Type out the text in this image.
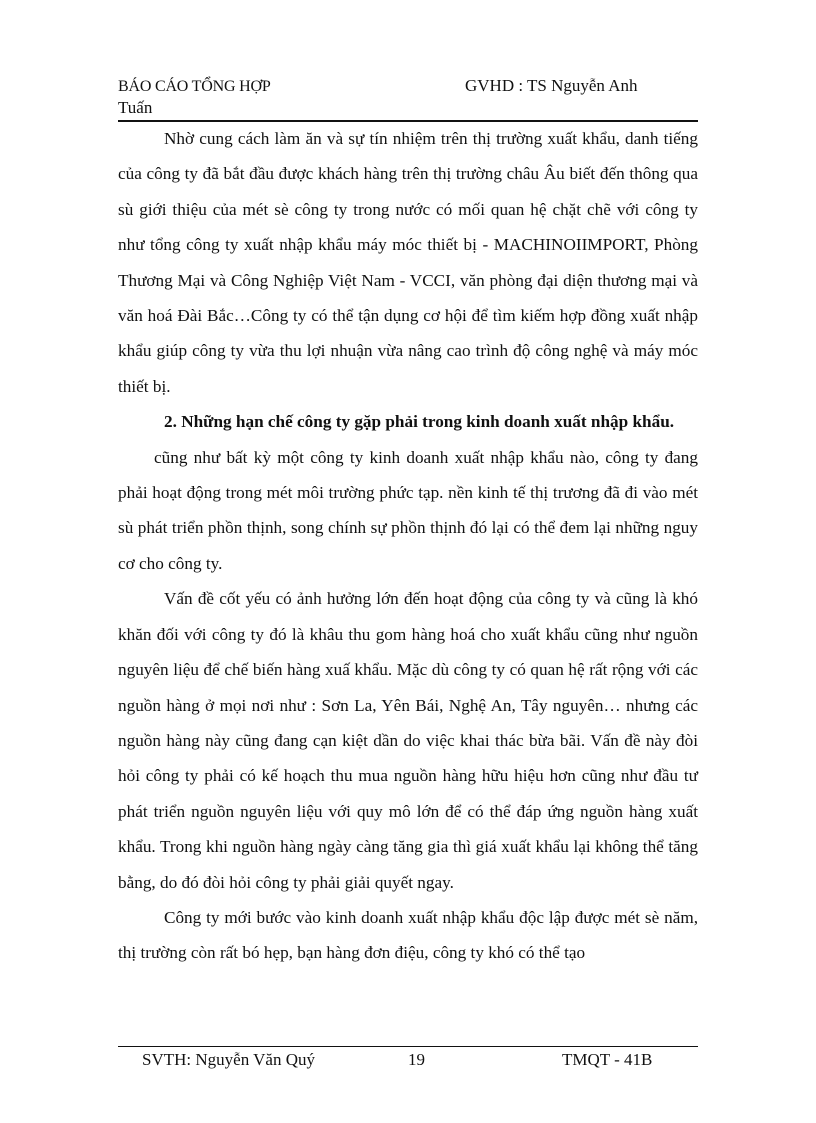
BÁO CÁO TỔNG HỢP	GVHD : TS Nguyễn Anh
Tuấn

Nhờ cung cách làm ăn và sự tín nhiệm trên thị trường xuất khẩu, danh tiếng của công ty đã bắt đầu được khách hàng trên thị trường châu Âu biết đến thông qua sù giới thiệu của mét sè công ty trong nước có mối quan hệ chặt chẽ với công ty như tổng công ty xuất nhập khẩu máy móc thiết bị - MACHINOIIMPORT, Phòng Thương Mại và Công Nghiệp Việt Nam - VCCI, văn phòng đại diện thương mại và văn hoá Đài Bắc…Công ty có thể tận dụng cơ hội để tìm kiếm hợp đồng xuất nhập khẩu giúp công ty vừa thu lợi nhuận vừa nâng cao trình độ công nghệ và máy móc thiết bị.

2. Những hạn chế công ty gặp phải trong kinh doanh xuất nhập khẩu.

cũng như bất kỳ một công ty kinh doanh xuất nhập khẩu nào, công ty đang phải hoạt động trong mét môi trường phức tạp. nền kinh tế thị trương đã đi vào mét sù phát triển phồn thịnh, song chính sự phồn thịnh đó lại có thể đem lại những nguy cơ cho công ty.

Vấn đề cốt yếu có ảnh hưởng lớn đến hoạt động của công ty và cũng là khó khăn đối với công ty đó là khâu thu gom hàng hoá cho xuất khẩu cũng như nguồn nguyên liệu để chế biến hàng xuấ khẩu. Mặc dù công ty có quan hệ rất rộng với các nguồn hàng ở mọi nơi như : Sơn La, Yên Bái, Nghệ An, Tây nguyên… nhưng các nguồn hàng này cũng đang cạn kiệt dần do việc khai thác bừa bãi. Vấn đề này đòi hỏi công ty phải có kế hoạch thu mua nguồn hàng hữu hiệu hơn cũng như đầu tư phát triển nguồn nguyên liệu với quy mô lớn để có thể đáp ứng nguồn hàng xuất khẩu. Trong khi nguồn hàng ngày càng tăng gia thì giá xuất khẩu lại không thể tăng bằng, do đó đòi hỏi công ty phải giải quyết ngay.

Công ty mới bước vào kinh doanh xuất nhập khẩu độc lập được mét sè năm, thị trường còn rất bó hẹp, bạn hàng đơn điệu, công ty khó có thể tạo

SVTH: Nguyễn Văn Quý	19	TMQT - 41B
